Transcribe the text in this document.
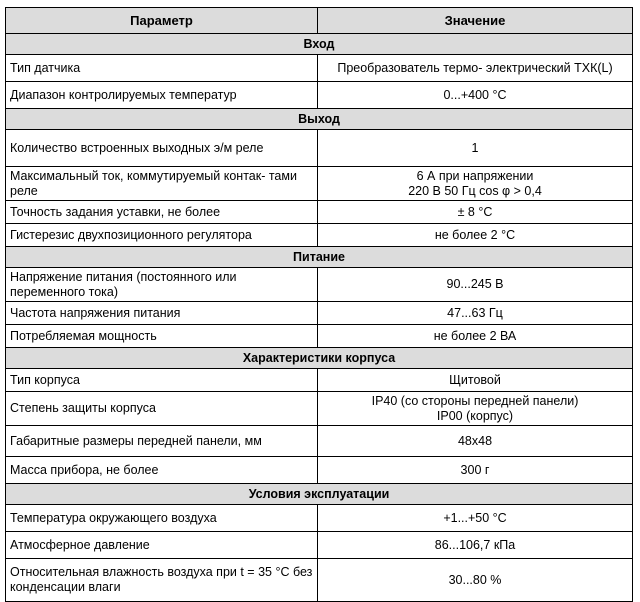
Параметр	Значение
Вход	
Тип датчика	Преобразователь термо- электрический ТХК(L)
Диапазон контролируемых температур	0...+400 °С
Выход	
Количество встроенных выходных э/м реле	1
Максимальный ток, коммутируемый контак- тами реле	6 А при напряжении
220 В 50 Гц cos φ > 0,4

Точность задания уставки, не более	± 8 °С
Гистерезис двухпозиционного регулятора	не более 2 °С
Питание	
Напряжение питания (постоянного или переменного тока)	90...245 В
Частота напряжения питания	47...63 Гц
Потребляемая мощность	не более 2 ВА
Характеристики корпуса	
Тип корпуса	Щитовой
Степень защиты корпуса	IP40 (со стороны передней панели)
IP00 (корпус)

Габаритные размеры передней панели, мм	48x48
Масса прибора, не более	300 г
Условия эксплуатации	
Температура окружающего воздуха	+1...+50 °С
Атмосферное давление	86...106,7 кПа
Относительная влажность воздуха при t = 35 °С без конденсации влаги	30...80 %
